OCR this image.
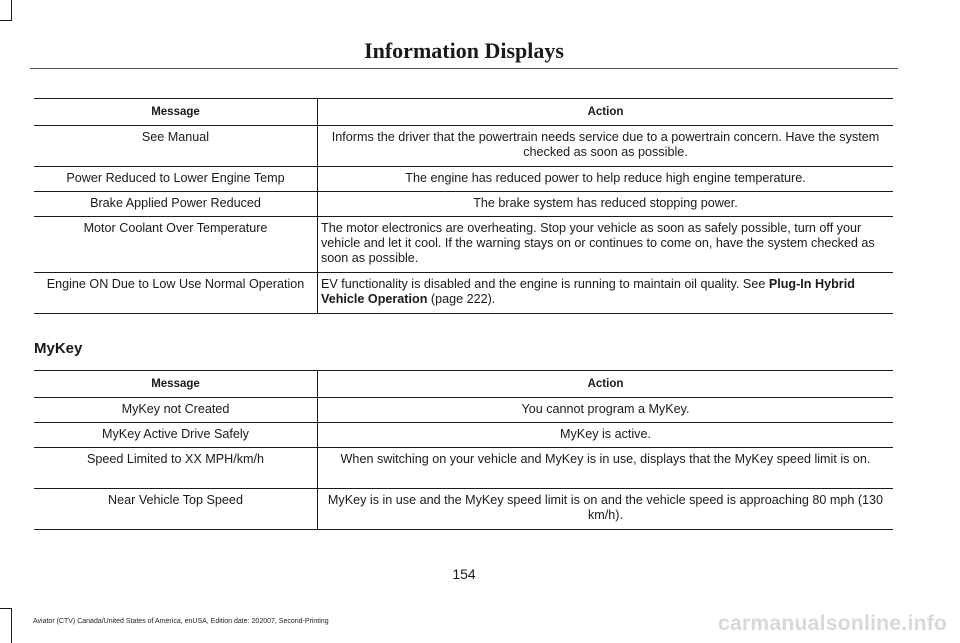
Information Displays
Message	Action
See Manual	Informs the driver that the powertrain needs service due to a powertrain concern. Have the system checked as soon as possible.
Power Reduced to Lower Engine Temp	The engine has reduced power to help reduce high engine temperature.
Brake Applied Power Reduced	The brake system has reduced stopping power.
Motor Coolant Over Temperature	The motor electronics are overheating. Stop your vehicle as soon as safely possible, turn off your vehicle and let it cool. If the warning stays on or continues to come on, have the system checked as soon as possible.
Engine ON Due to Low Use Normal Operation	EV functionality is disabled and the engine is running to maintain oil quality. See Plug-In Hybrid Vehicle Operation (page 222).
MyKey
Message	Action
MyKey not Created	You cannot program a MyKey.
MyKey Active Drive Safely	MyKey is active.
Speed Limited to XX MPH/km/h	When switching on your vehicle and MyKey is in use, displays that the MyKey speed limit is on.
Near Vehicle Top Speed	MyKey is in use and the MyKey speed limit is on and the vehicle speed is approaching 80 mph (130 km/h).
154
Aviator (CTV) Canada/United States of America, enUSA, Edition date: 202007, Second-Printing	carmanualsonline.info
